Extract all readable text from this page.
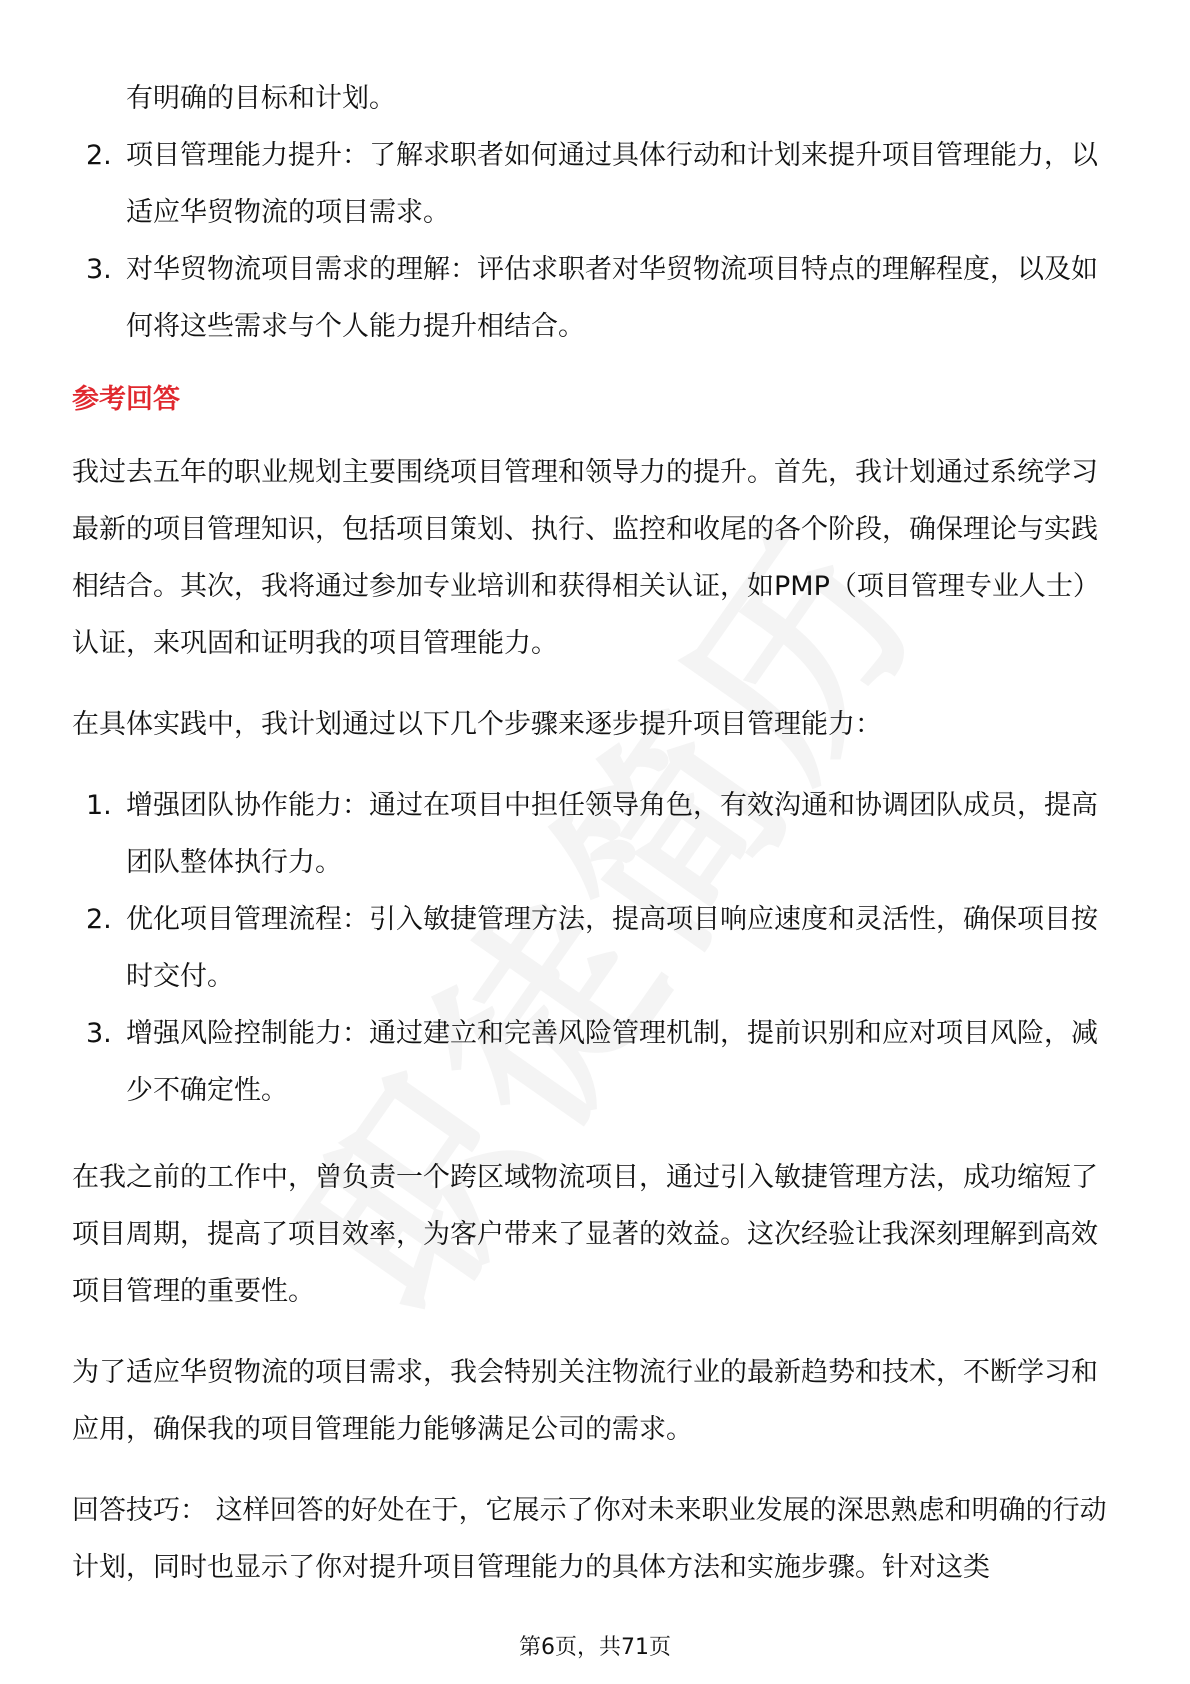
有明确的目标和计划。
2. 项目管理能力提升：了解求职者如何通过具体行动和计划来提升项目管理能力，以适应华贸物流的项目需求。
3. 对华贸物流项目需求的理解：评估求职者对华贸物流项目特点的理解程度，以及如何将这些需求与个人能力提升相结合。
参考回答

我过去五年的职业规划主要围绕项目管理和领导力的提升。首先，我计划通过系统学习最新的项目管理知识，包括项目策划、执行、监控和收尾的各个阶段，确保理论与实践相结合。其次，我将通过参加专业培训和获得相关认证，如PMP（项目管理专业人士）认证，来巩固和证明我的项目管理能力。

在具体实践中，我计划通过以下几个步骤来逐步提升项目管理能力：

1. 增强团队协作能力：通过在项目中担任领导角色，有效沟通和协调团队成员，提高团队整体执行力。
2. 优化项目管理流程：引入敏捷管理方法，提高项目响应速度和灵活性，确保项目按时交付。
3. 增强风险控制能力：通过建立和完善风险管理机制，提前识别和应对项目风险，减少不确定性。

在我之前的工作中，曾负责一个跨区域物流项目，通过引入敏捷管理方法，成功缩短了项目周期，提高了项目效率，为客户带来了显著的效益。这次经验让我深刻理解到高效项目管理的重要性。

为了适应华贸物流的项目需求，我会特别关注物流行业的最新趋势和技术，不断学习和应用，确保我的项目管理能力能够满足公司的需求。

回答技巧： 这样回答的好处在于，它展示了你对未来职业发展的深思熟虑和明确的行动计划，同时也显示了你对提升项目管理能力的具体方法和实施步骤。针对这类

第6页，共71页
